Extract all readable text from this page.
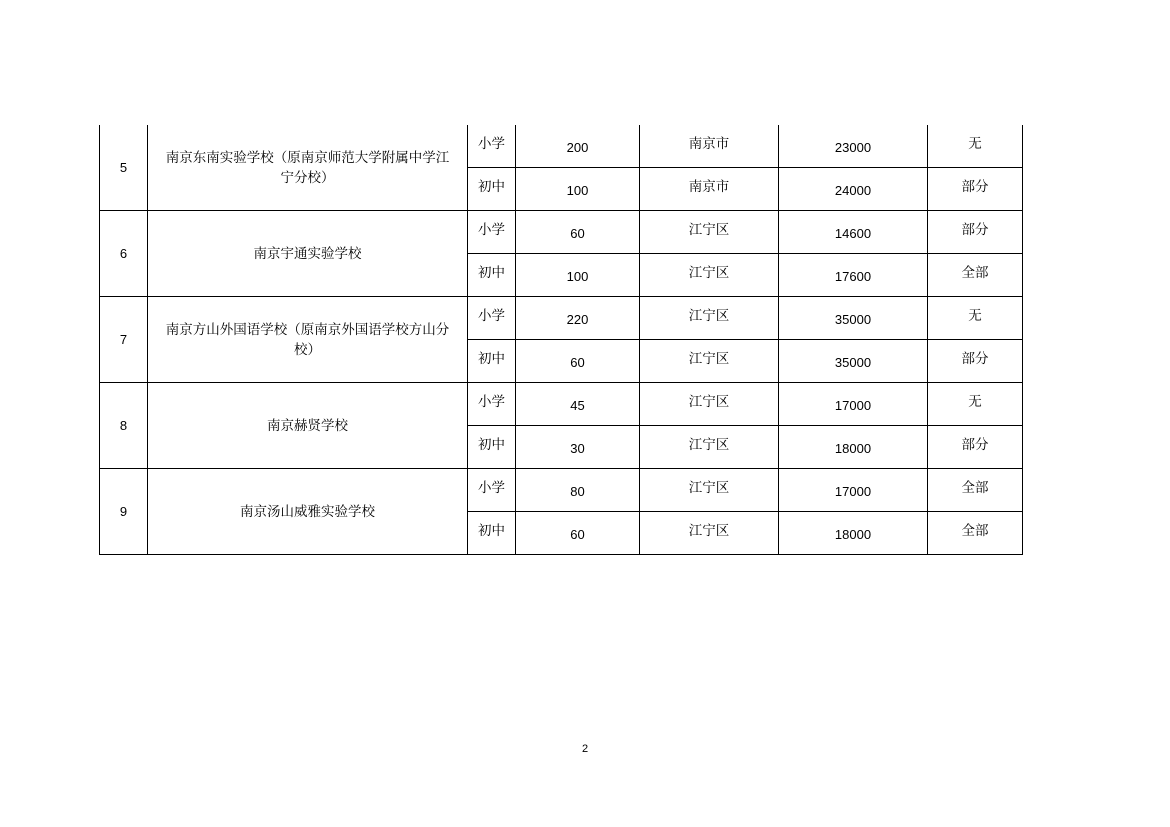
5	南京东南实验学校（原南京师范大学附属中学江宁分校）	小学	200	南京市	23000	无
		初中	100	南京市	24000	部分
6	南京宇通实验学校	小学	60	江宁区	14600	部分
		初中	100	江宁区	17600	全部
7	南京方山外国语学校（原南京外国语学校方山分校）	小学	220	江宁区	35000	无
		初中	60	江宁区	35000	部分
8	南京赫贤学校	小学	45	江宁区	17000	无
		初中	30	江宁区	18000	部分
9	南京汤山威雅实验学校	小学	80	江宁区	17000	全部
		初中	60	江宁区	18000	全部
2
